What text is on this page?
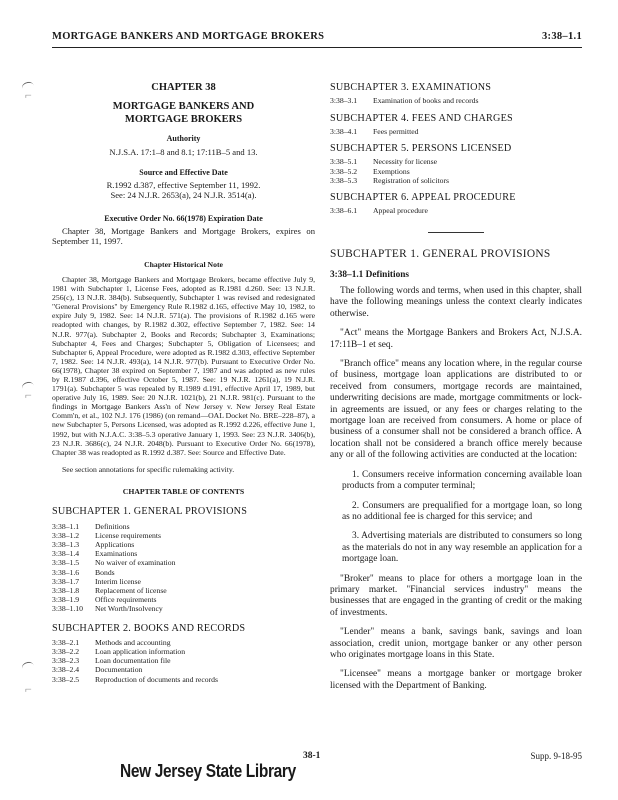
⌐
⌐
⌐
MORTGAGE BANKERS AND MORTGAGE BROKERS	3:38–1.1
CHAPTER 38
MORTGAGE BANKERS AND
MORTGAGE BROKERS
Authority
N.J.S.A. 17:1–8 and 8.1; 17:11B–5 and 13.
Source and Effective Date
R.1992 d.387, effective September 11, 1992.
See: 24 N.J.R. 2653(a), 24 N.J.R. 3514(a).
Executive Order No. 66(1978) Expiration Date
Chapter 38, Mortgage Bankers and Mortgage Brokers, expires on September 11, 1997.
Chapter Historical Note
Chapter 38, Mortgage Bankers and Mortgage Brokers, became effective July 9, 1981 with Subchapter 1, License Fees, adopted as R.1981 d.260. See: 13 N.J.R. 256(c), 13 N.J.R. 384(b). Subsequently, Subchapter 1 was revised and redesignated "General Provisions" by Emergency Rule R.1982 d.165, effective May 10, 1982, to expire July 9, 1982. See: 14 N.J.R. 571(a). The provisions of R.1982 d.165 were readopted with changes, by R.1982 d.302, effective September 7, 1982. See: 14 N.J.R. 977(a). Subchapter 2, Books and Records; Subchapter 3, Examinations; Subchapter 4, Fees and Charges; Subchapter 5, Obligation of Licensees; and Subchapter 6, Appeal Procedure, were adopted as R.1982 d.303, effective September 7, 1982. See: 14 N.J.R. 493(a), 14 N.J.R. 977(b). Pursuant to Executive Order No. 66(1978), Chapter 38 expired on September 7, 1987 and was adopted as new rules by R.1987 d.396, effective October 5, 1987. See: 19 N.J.R. 1261(a), 19 N.J.R. 1791(a). Subchapter 5 was repealed by R.1989 d.191, effective April 17, 1989, but operative July 16, 1989. See: 20 N.J.R. 1021(b), 21 N.J.R. 981(c). Pursuant to the findings in Mortgage Bankers Ass'n of New Jersey v. New Jersey Real Estate Comm'n, et al., 102 N.J. 176 (1986) (on remand—OAL Docket No. BRE–228–87), a new Subchapter 5, Persons Licensed, was adopted as R.1992 d.226, effective June 1, 1992, but with N.J.A.C. 3:38–5.3 operative January 1, 1993. See: 23 N.J.R. 3406(b), 23 N.J.R. 3686(c), 24 N.J.R. 2048(b). Pursuant to Executive Order No. 66(1978), Chapter 38 was readopted as R.1992 d.387. See: Source and Effective Date.
See section annotations for specific rulemaking activity.
CHAPTER TABLE OF CONTENTS
SUBCHAPTER 1. GENERAL PROVISIONS
3:38–1.1	Definitions
3:38–1.2	License requirements
3:38–1.3	Applications
3:38–1.4	Examinations
3:38–1.5	No waiver of examination
3:38–1.6	Bonds
3:38–1.7	Interim license
3:38–1.8	Replacement of license
3:38–1.9	Office requirements
3:38–1.10	Net Worth/Insolvency
SUBCHAPTER 2. BOOKS AND RECORDS
3:38–2.1	Methods and accounting
3:38–2.2	Loan application information
3:38–2.3	Loan documentation file
3:38–2.4	Documentation
3:38–2.5	Reproduction of documents and records
SUBCHAPTER 3. EXAMINATIONS
3:38–3.1	Examination of books and records
SUBCHAPTER 4. FEES AND CHARGES
3:38–4.1	Fees permitted
SUBCHAPTER 5. PERSONS LICENSED
3:38–5.1	Necessity for license
3:38–5.2	Exemptions
3:38–5.3	Registration of solicitors
SUBCHAPTER 6. APPEAL PROCEDURE
3:38–6.1	Appeal procedure
SUBCHAPTER 1. GENERAL PROVISIONS
3:38–1.1 Definitions
The following words and terms, when used in this chapter, shall have the following meanings unless the context clearly indicates otherwise.
"Act" means the Mortgage Bankers and Brokers Act, N.J.S.A. 17:11B–1 et seq.
"Branch office" means any location where, in the regular course of business, mortgage loan applications are distributed to or received from consumers, mortgage records are maintained, underwriting decisions are made, mortgage commitments or lock-in agreements are issued, or any fees or charges relating to the mortgage loan are received from consumers. A home or place of business of a consumer shall not be considered a branch office. A location shall not be considered a branch office merely because any or all of the following activities are conducted at the location:
1. Consumers receive information concerning available loan products from a computer terminal;
2. Consumers are prequalified for a mortgage loan, so long as no additional fee is charged for this service; and
3. Advertising materials are distributed to consumers so long as the materials do not in any way resemble an application for a mortgage loan.
"Broker" means to place for others a mortgage loan in the primary market. "Financial services industry" means the businesses that are engaged in the granting of credit or the making of investments.
"Lender" means a bank, savings bank, savings and loan association, credit union, mortgage banker or any other person who originates mortgage loans in this State.
"Licensee" means a mortgage banker or mortgage broker licensed with the Department of Banking.
38-1	Supp. 9-18-95
New Jersey State Library
